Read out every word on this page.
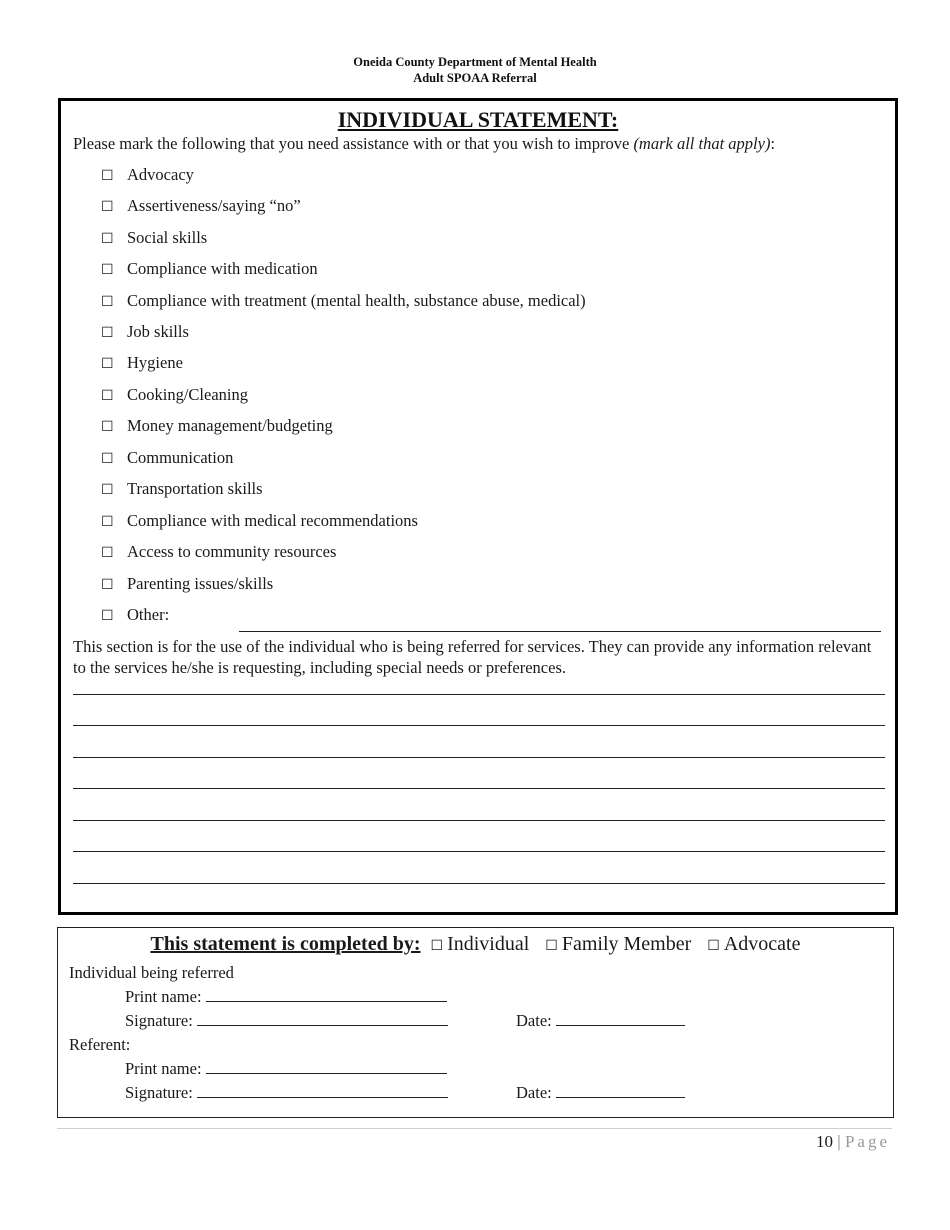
Oneida County Department of Mental Health
Adult SPOAA Referral
INDIVIDUAL STATEMENT:
Please mark the following that you need assistance with or that you wish to improve (mark all that apply):
☐ Advocacy
☐ Assertiveness/saying “no”
☐ Social skills
☐ Compliance with medication
☐ Compliance with treatment (mental health, substance abuse, medical)
☐ Job skills
☐ Hygiene
☐ Cooking/Cleaning
☐ Money management/budgeting
☐ Communication
☐ Transportation skills
☐ Compliance with medical recommendations
☐ Access to community resources
☐ Parenting issues/skills
☐ Other:
This section is for the use of the individual who is being referred for services. They can provide any information relevant to the services he/she is requesting, including special needs or preferences.
This statement is completed by: ☐ Individual ☐ Family Member ☐ Advocate
Individual being referred
Print name:
Signature:	Date:
Referent:
Print name:
Signature:	Date:
10 | Page
